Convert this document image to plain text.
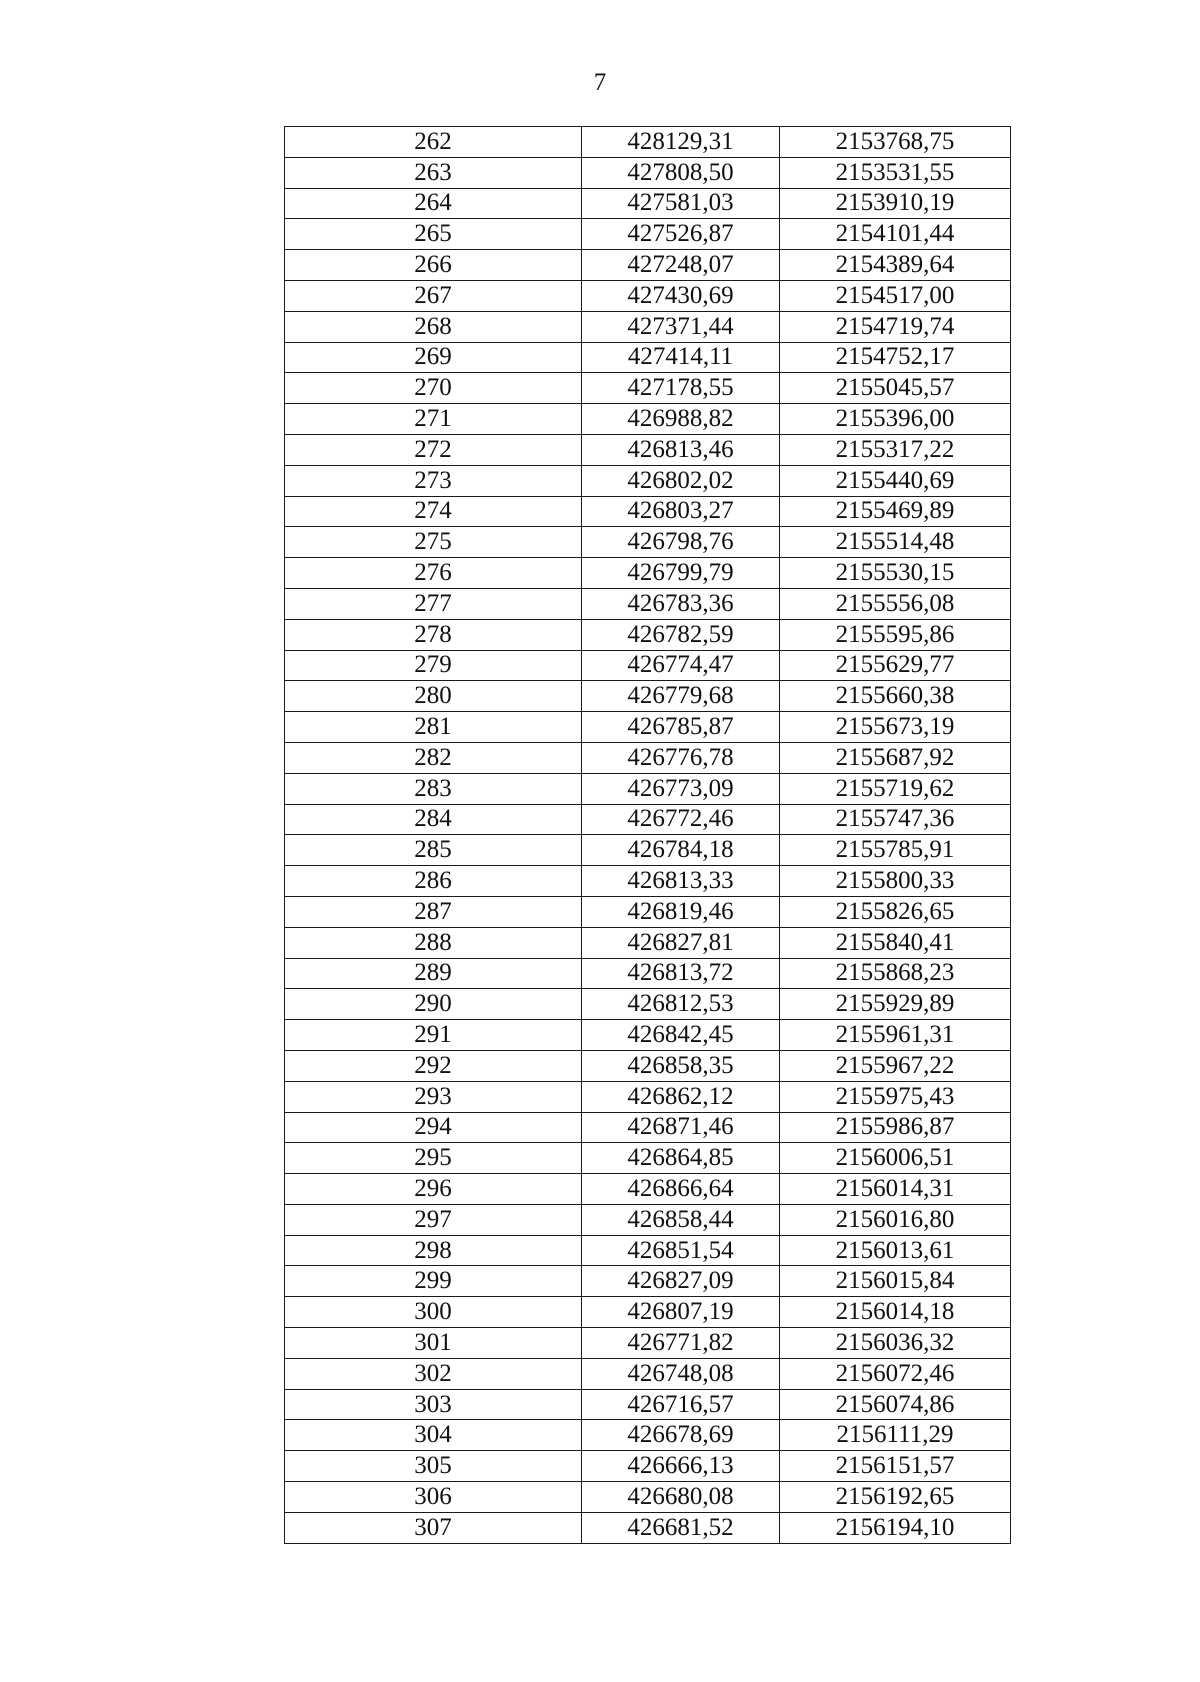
7
262	428129,31	2153768,75
263	427808,50	2153531,55
264	427581,03	2153910,19
265	427526,87	2154101,44
266	427248,07	2154389,64
267	427430,69	2154517,00
268	427371,44	2154719,74
269	427414,11	2154752,17
270	427178,55	2155045,57
271	426988,82	2155396,00
272	426813,46	2155317,22
273	426802,02	2155440,69
274	426803,27	2155469,89
275	426798,76	2155514,48
276	426799,79	2155530,15
277	426783,36	2155556,08
278	426782,59	2155595,86
279	426774,47	2155629,77
280	426779,68	2155660,38
281	426785,87	2155673,19
282	426776,78	2155687,92
283	426773,09	2155719,62
284	426772,46	2155747,36
285	426784,18	2155785,91
286	426813,33	2155800,33
287	426819,46	2155826,65
288	426827,81	2155840,41
289	426813,72	2155868,23
290	426812,53	2155929,89
291	426842,45	2155961,31
292	426858,35	2155967,22
293	426862,12	2155975,43
294	426871,46	2155986,87
295	426864,85	2156006,51
296	426866,64	2156014,31
297	426858,44	2156016,80
298	426851,54	2156013,61
299	426827,09	2156015,84
300	426807,19	2156014,18
301	426771,82	2156036,32
302	426748,08	2156072,46
303	426716,57	2156074,86
304	426678,69	2156111,29
305	426666,13	2156151,57
306	426680,08	2156192,65
307	426681,52	2156194,10
